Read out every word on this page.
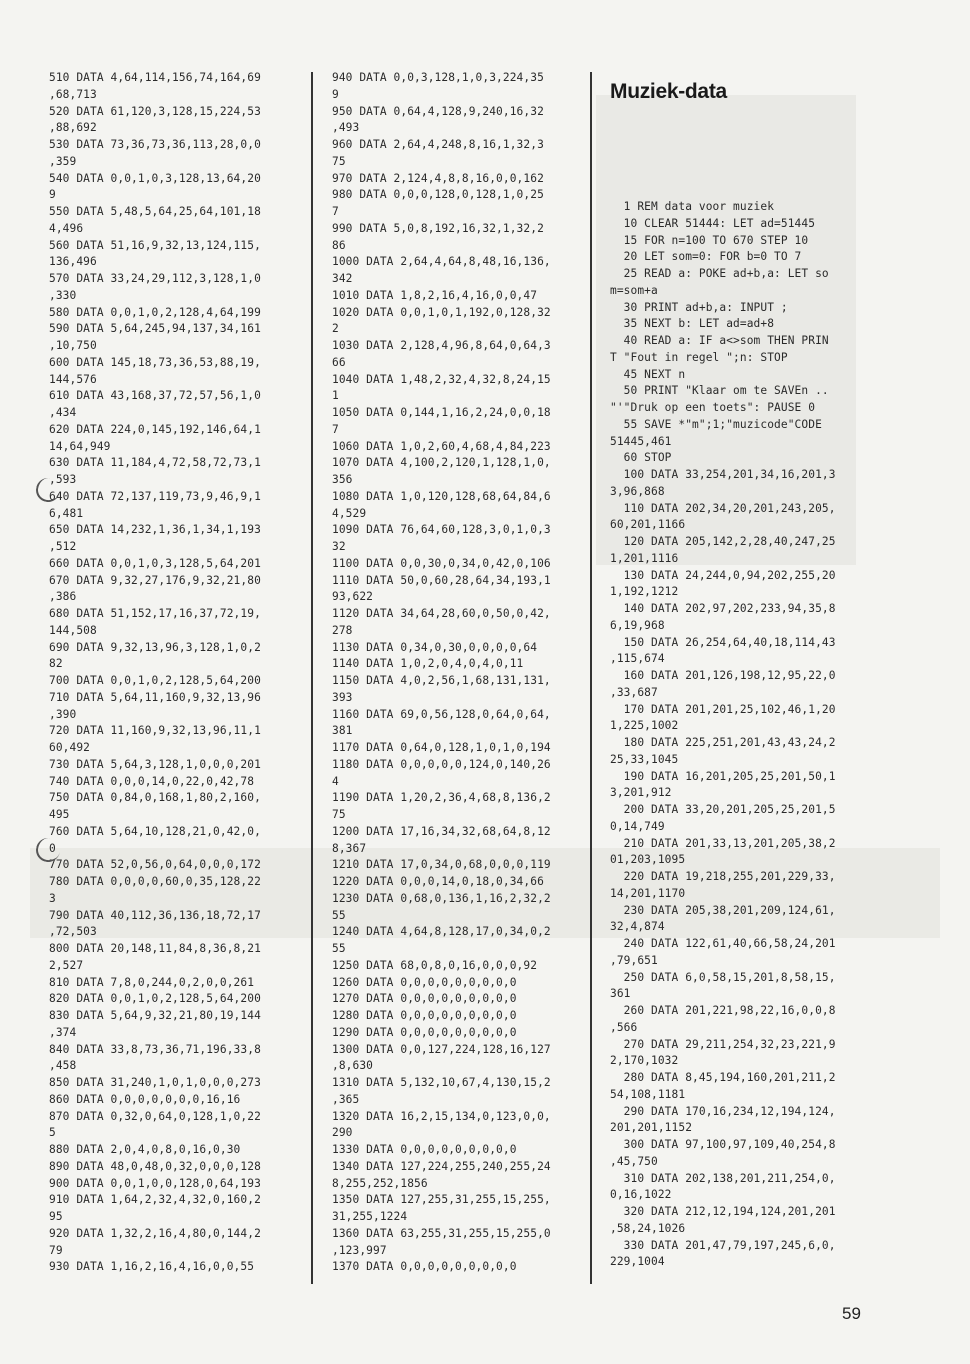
510 DATA 4,64,114,156,74,164,69
,68,713
520 DATA 61,120,3,128,15,224,53
,88,692
530 DATA 73,36,73,36,113,28,0,0
,359
540 DATA 0,0,1,0,3,128,13,64,20
9
550 DATA 5,48,5,64,25,64,101,18
4,496
560 DATA 51,16,9,32,13,124,115,
136,496
570 DATA 33,24,29,112,3,128,1,0
,330
580 DATA 0,0,1,0,2,128,4,64,199
590 DATA 5,64,245,94,137,34,161
,10,750
600 DATA 145,18,73,36,53,88,19,
144,576
610 DATA 43,168,37,72,57,56,1,0
,434
620 DATA 224,0,145,192,146,64,1
14,64,949
630 DATA 11,184,4,72,58,72,73,1
,593
640 DATA 72,137,119,73,9,46,9,1
6,481
650 DATA 14,232,1,36,1,34,1,193
,512
660 DATA 0,0,1,0,3,128,5,64,201
670 DATA 9,32,27,176,9,32,21,80
,386
680 DATA 51,152,17,16,37,72,19,
144,508
690 DATA 9,32,13,96,3,128,1,0,2
82
700 DATA 0,0,1,0,2,128,5,64,200
710 DATA 5,64,11,160,9,32,13,96
,390
720 DATA 11,160,9,32,13,96,11,1
60,492
730 DATA 5,64,3,128,1,0,0,0,201
740 DATA 0,0,0,14,0,22,0,42,78
750 DATA 0,84,0,168,1,80,2,160,
495
760 DATA 5,64,10,128,21,0,42,0,
0
770 DATA 52,0,56,0,64,0,0,0,172
780 DATA 0,0,0,0,60,0,35,128,22
3
790 DATA 40,112,36,136,18,72,17
,72,503
800 DATA 20,148,11,84,8,36,8,21
2,527
810 DATA 7,8,0,244,0,2,0,0,261
820 DATA 0,0,1,0,2,128,5,64,200
830 DATA 5,64,9,32,21,80,19,144
,374
840 DATA 33,8,73,36,71,196,33,8
,458
850 DATA 31,240,1,0,1,0,0,0,273
860 DATA 0,0,0,0,0,0,0,16,16
870 DATA 0,32,0,64,0,128,1,0,22
5
880 DATA 2,0,4,0,8,0,16,0,30
890 DATA 48,0,48,0,32,0,0,0,128
900 DATA 0,0,1,0,0,128,0,64,193
910 DATA 1,64,2,32,4,32,0,160,2
95
920 DATA 1,32,2,16,4,80,0,144,2
79
930 DATA 1,16,2,16,4,16,0,0,55
940 DATA 0,0,3,128,1,0,3,224,35
9
950 DATA 0,64,4,128,9,240,16,32
,493
960 DATA 2,64,4,248,8,16,1,32,3
75
970 DATA 2,124,4,8,8,16,0,0,162
980 DATA 0,0,0,128,0,128,1,0,25
7
990 DATA 5,0,8,192,16,32,1,32,2
86
1000 DATA 2,64,4,64,8,48,16,136,
342
1010 DATA 1,8,2,16,4,16,0,0,47
1020 DATA 0,0,1,0,1,192,0,128,32
2
1030 DATA 2,128,4,96,8,64,0,64,3
66
1040 DATA 1,48,2,32,4,32,8,24,15
1
1050 DATA 0,144,1,16,2,24,0,0,18
7
1060 DATA 1,0,2,60,4,68,4,84,223
1070 DATA 4,100,2,120,1,128,1,0,
356
1080 DATA 1,0,120,128,68,64,84,6
4,529
1090 DATA 76,64,60,128,3,0,1,0,3
32
1100 DATA 0,0,30,0,34,0,42,0,106
1110 DATA 50,0,60,28,64,34,193,1
93,622
1120 DATA 34,64,28,60,0,50,0,42,
278
1130 DATA 0,34,0,30,0,0,0,0,64
1140 DATA 1,0,2,0,4,0,4,0,11
1150 DATA 4,0,2,56,1,68,131,131,
393
1160 DATA 69,0,56,128,0,64,0,64,
381
1170 DATA 0,64,0,128,1,0,1,0,194
1180 DATA 0,0,0,0,0,124,0,140,26
4
1190 DATA 1,20,2,36,4,68,8,136,2
75
1200 DATA 17,16,34,32,68,64,8,12
8,367
1210 DATA 17,0,34,0,68,0,0,0,119
1220 DATA 0,0,0,14,0,18,0,34,66
1230 DATA 0,68,0,136,1,16,2,32,2
55
1240 DATA 4,64,8,128,17,0,34,0,2
55
1250 DATA 68,0,8,0,16,0,0,0,92
1260 DATA 0,0,0,0,0,0,0,0,0
1270 DATA 0,0,0,0,0,0,0,0,0
1280 DATA 0,0,0,0,0,0,0,0,0
1290 DATA 0,0,0,0,0,0,0,0,0
1300 DATA 0,0,127,224,128,16,127
,8,630
1310 DATA 5,132,10,67,4,130,15,2
,365
1320 DATA 16,2,15,134,0,123,0,0,
290
1330 DATA 0,0,0,0,0,0,0,0,0
1340 DATA 127,224,255,240,255,24
8,255,252,1856
1350 DATA 127,255,31,255,15,255,
31,255,1224
1360 DATA 63,255,31,255,15,255,0
,123,997
1370 DATA 0,0,0,0,0,0,0,0,0
Muziek-data
1 REM data voor muziek
10 CLEAR 51444: LET ad=51445
15 FOR n=100 TO 670 STEP 10
20 LET som=0: FOR b=0 TO 7
25 READ a: POKE ad+b,a: LET so
m=som+a
30 PRINT ad+b,a: INPUT ;
35 NEXT b: LET ad=ad+8
40 READ a: IF a<>som THEN PRIN
T "Fout in regel ";n: STOP
45 NEXT n
50 PRINT "Klaar om te SAVEn ..
"'"Druk op een toets": PAUSE 0
55 SAVE *"m";1;"muzicode"CODE
51445,461
60 STOP
100 DATA 33,254,201,34,16,201,3
3,96,868
110 DATA 202,34,20,201,243,205,
60,201,1166
120 DATA 205,142,2,28,40,247,25
1,201,1116
130 DATA 24,244,0,94,202,255,20
1,192,1212
140 DATA 202,97,202,233,94,35,8
6,19,968
150 DATA 26,254,64,40,18,114,43
,115,674
160 DATA 201,126,198,12,95,22,0
,33,687
170 DATA 201,201,25,102,46,1,20
1,225,1002
180 DATA 225,251,201,43,43,24,2
25,33,1045
190 DATA 16,201,205,25,201,50,1
3,201,912
200 DATA 33,20,201,205,25,201,5
0,14,749
210 DATA 201,33,13,201,205,38,2
01,203,1095
220 DATA 19,218,255,201,229,33,
14,201,1170
230 DATA 205,38,201,209,124,61,
32,4,874
240 DATA 122,61,40,66,58,24,201
,79,651
250 DATA 6,0,58,15,201,8,58,15,
361
260 DATA 201,221,98,22,16,0,0,8
,566
270 DATA 29,211,254,32,23,221,9
2,170,1032
280 DATA 8,45,194,160,201,211,2
54,108,1181
290 DATA 170,16,234,12,194,124,
201,201,1152
300 DATA 97,100,97,109,40,254,8
,45,750
310 DATA 202,138,201,211,254,0,
0,16,1022
320 DATA 212,12,194,124,201,201
,58,24,1026
330 DATA 201,47,79,197,245,6,0,
229,1004
59
